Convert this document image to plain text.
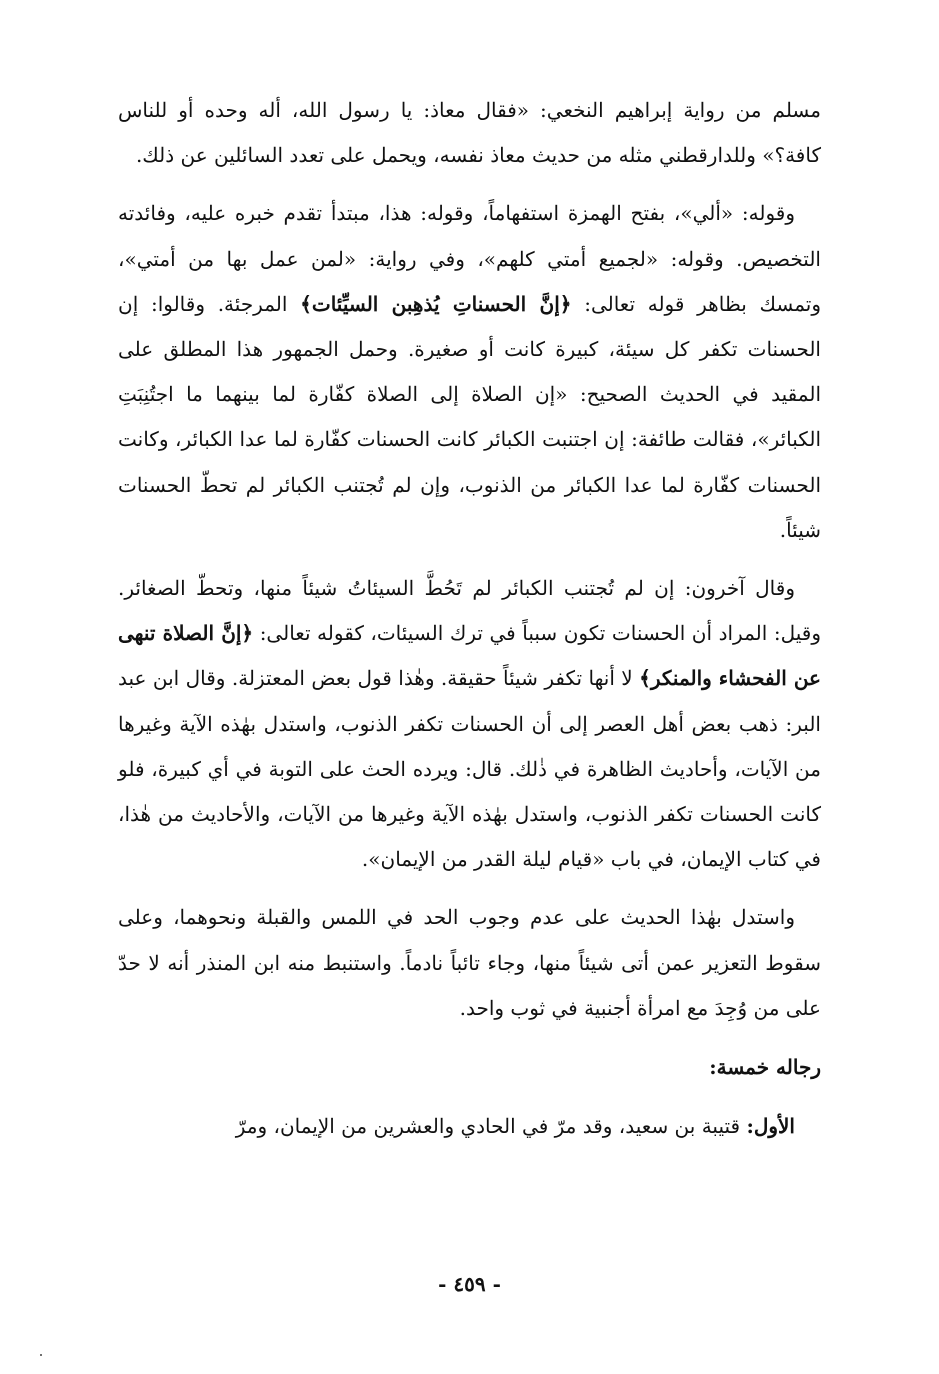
مسلم من رواية إبراهيم النخعي: «فقال معاذ: يا رسول الله، أله وحده أو للناس كافة؟» وللدارقطني مثله من حديث معاذ نفسه، ويحمل على تعدد السائلين عن ذلك.

وقوله: «ألي»، بفتح الهمزة استفهاماً، وقوله: هذا، مبتدأ تقدم خبره عليه، وفائدته التخصيص. وقوله: «لجميع أمتي كلهم»، وفي رواية: «لمن عمل بها من أمتي»، وتمسك بظاهر قوله تعالى: ﴿إنَّ الحسناتِ يُذهِبن السيِّئات﴾ المرجئة. وقالوا: إن الحسنات تكفر كل سيئة، كبيرة كانت أو صغيرة. وحمل الجمهور هذا المطلق على المقيد في الحديث الصحيح: «إن الصلاة إلى الصلاة كفّارة لما بينهما ما اجتُنِبَتِ الكبائر»، فقالت طائفة: إن اجتنبت الكبائر كانت الحسنات كفّارة لما عدا الكبائر، وكانت الحسنات كفّارة لما عدا الكبائر من الذنوب، وإن لم تُجتنب الكبائر لم تحطّ الحسنات شيئاً.

وقال آخرون: إن لم تُجتنب الكبائر لم تَحُطَّ السيئاتُ شيئاً منها، وتحطّ الصغائر. وقيل: المراد أن الحسنات تكون سبباً في ترك السيئات، كقوله تعالى: ﴿إنَّ الصلاة تنهى عن الفحشاء والمنكر﴾ لا أنها تكفر شيئاً حقيقة. وهٰذا قول بعض المعتزلة. وقال ابن عبد البر: ذهب بعض أهل العصر إلى أن الحسنات تكفر الذنوب، واستدل بهٰذه الآية وغيرها من الآيات، وأحاديث الظاهرة في ذٰلك. قال: ويرده الحث على التوبة في أي كبيرة، فلو كانت الحسنات تكفر الذنوب، واستدل بهٰذه الآية وغيرها من الآيات، والأحاديث من هٰذا، في كتاب الإيمان، في باب «قيام ليلة القدر من الإيمان».

واستدل بهٰذا الحديث على عدم وجوب الحد في اللمس والقبلة ونحوهما، وعلى سقوط التعزير عمن أتى شيئاً منها، وجاء تائباً نادماً. واستنبط منه ابن المنذر أنه لا حدّ على من وُجِدَ مع امرأة أجنبية في ثوب واحد.

رجاله خمسة:

الأول: قتيبة بن سعيد، وقد مرّ في الحادي والعشرين من الإيمان، ومرّ

- ٤٥٩ -
